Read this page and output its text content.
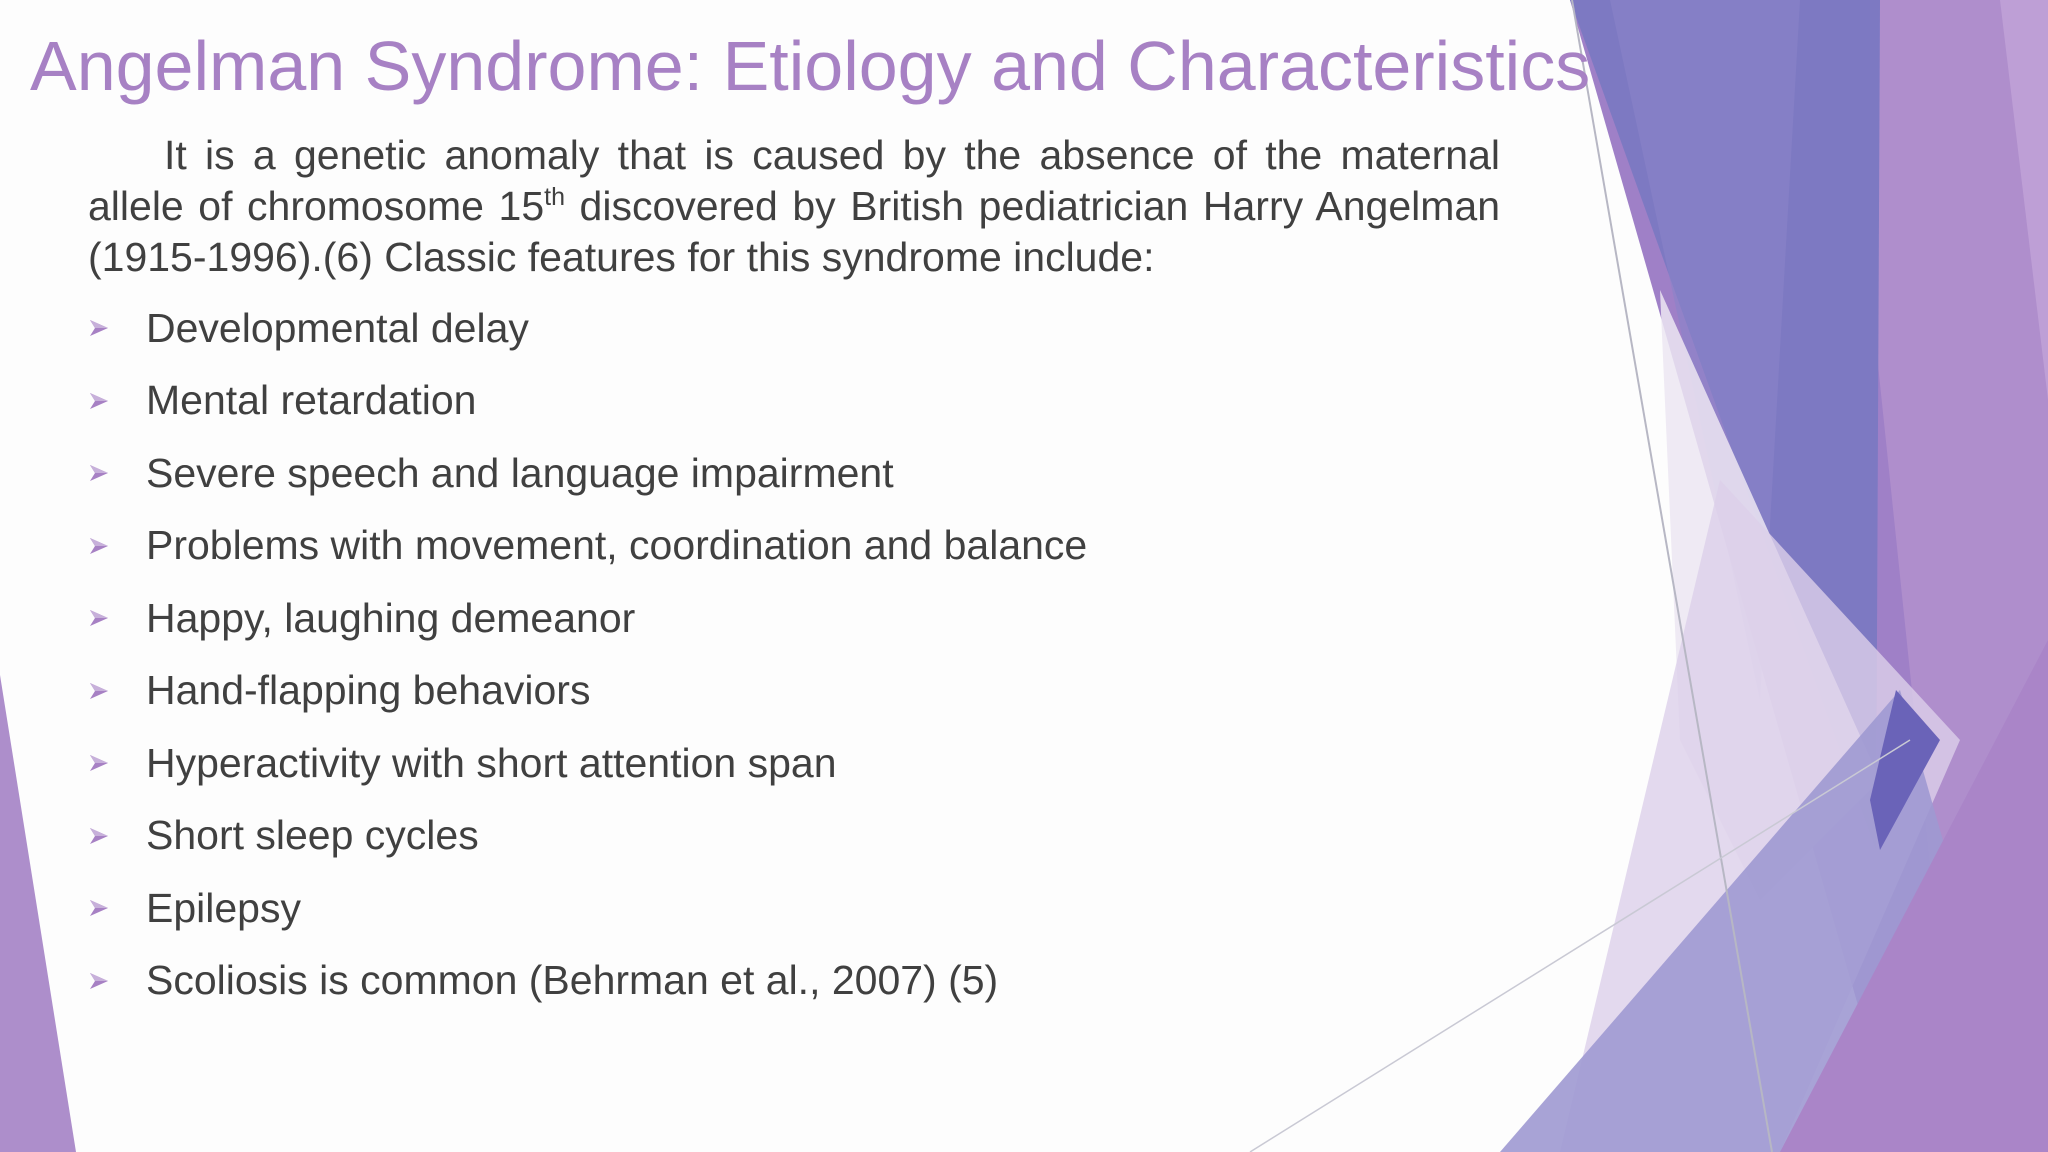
Angelman Syndrome: Etiology and Characteristics

It is a genetic anomaly that is caused by the absence of the maternal allele of chromosome 15th discovered by British pediatrician Harry Angelman (1915-1996).(6) Classic features for this syndrome include:

Developmental delay
Mental retardation
Severe speech and language impairment
Problems with movement, coordination and balance
Happy, laughing demeanor
Hand-flapping behaviors
Hyperactivity with short attention span
Short sleep cycles
Epilepsy
Scoliosis is common (Behrman et al., 2007) (5)
